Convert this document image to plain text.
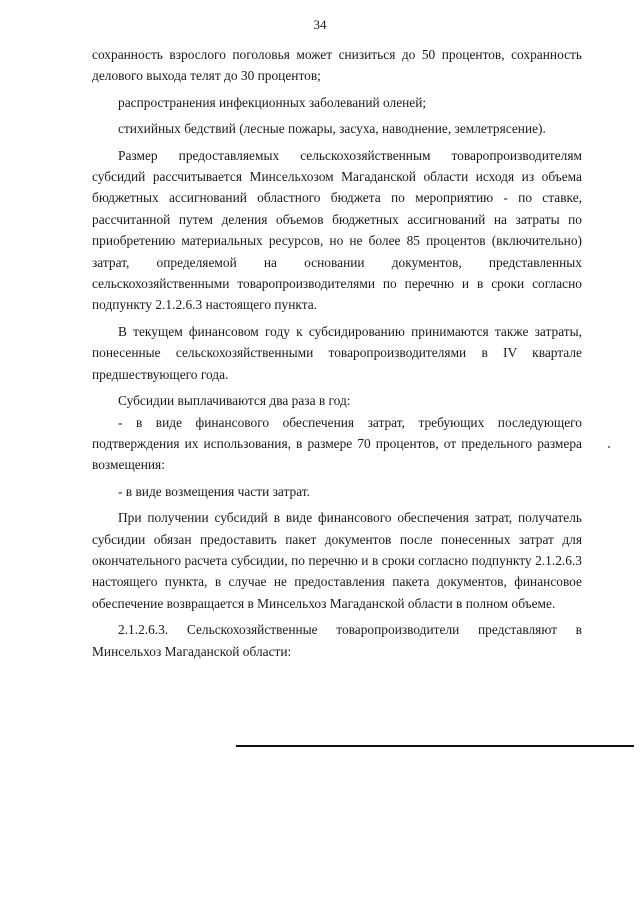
34

сохранность взрослого поголовья может снизиться до 50 процентов, сохранность делового выхода телят до 30 процентов;

распространения инфекционных заболеваний оленей;

стихийных бедствий (лесные пожары, засуха, наводнение, землетрясение).

Размер предоставляемых сельскохозяйственным товаропроизводителям субсидий рассчитывается Минсельхозом Магаданской области исходя из объема бюджетных ассигнований областного бюджета по мероприятию - по ставке, рассчитанной путем деления объемов бюджетных ассигнований на затраты по приобретению материальных ресурсов, но не более 85 процентов (включительно) затрат, определяемой на основании документов, представленных сельскохозяйственными товаропроизводителями по перечню и в сроки согласно подпункту 2.1.2.6.3 настоящего пункта.

В текущем финансовом году к субсидированию принимаются также затраты, понесенные сельскохозяйственными товаропроизводителями в IV квартале предшествующего года.

Субсидии выплачиваются два раза в год:

- в виде финансового обеспечения затрат, требующих последующего подтверждения их использования, в размере 70 процентов, от предельного размера возмещения:

- в виде возмещения части затрат.

При получении субсидий в виде финансового обеспечения затрат, получатель субсидии обязан предоставить пакет документов после понесенных затрат для окончательного расчета субсидии, по перечню и в сроки согласно подпункту 2.1.2.6.3 настоящего пункта, в случае не предоставления пакета документов, финансовое обеспечение возвращается в Минсельхоз Магаданской области в полном объеме.

2.1.2.6.3. Сельскохозяйственные товаропроизводители представляют в Минсельхоз Магаданской области:
